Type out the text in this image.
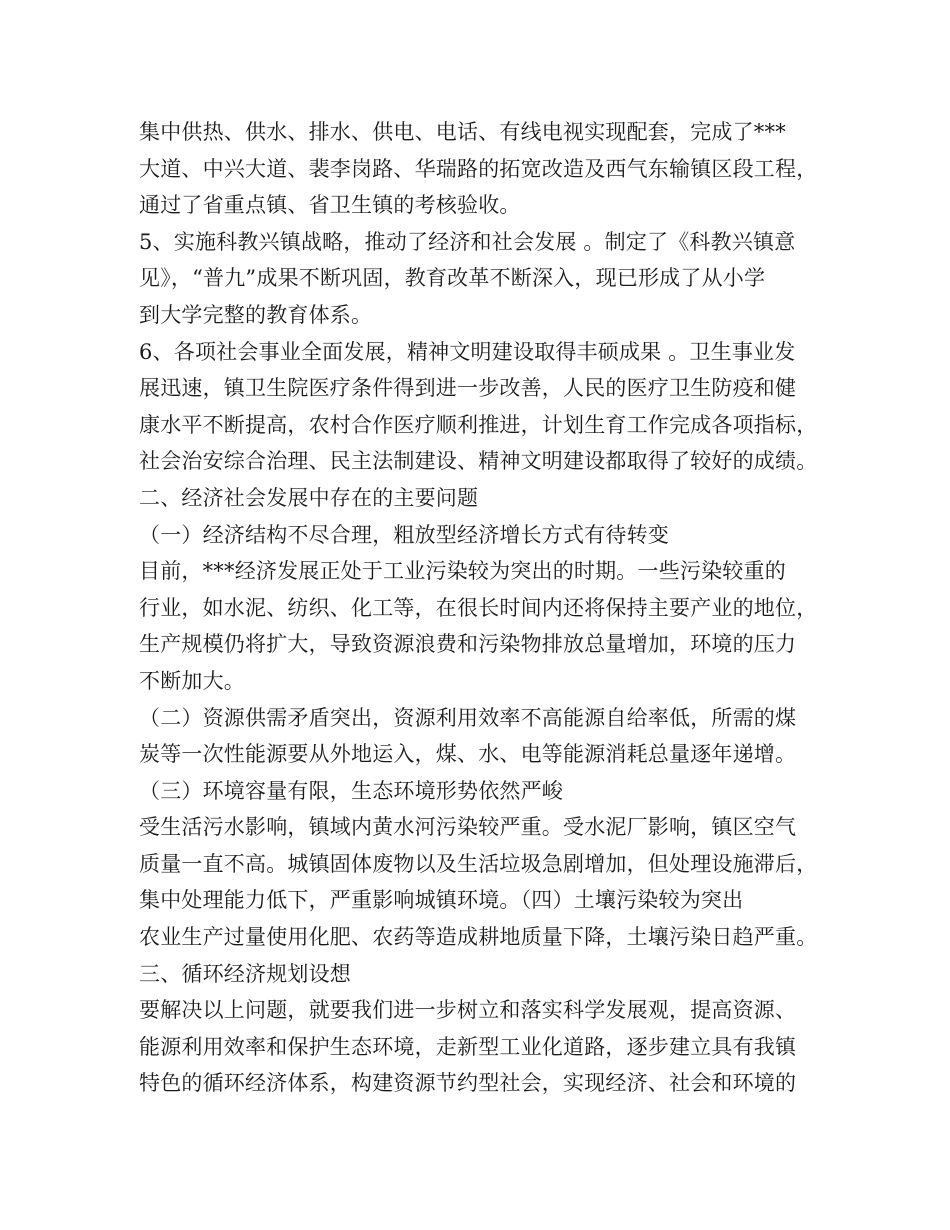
集中供热、供水、排水、供电、电话、有线电视实现配套，完成了***
大道、中兴大道、裴李岗路、华瑞路的拓宽改造及西气东输镇区段工程，
通过了省重点镇、省卫生镇的考核验收。
5、实施科教兴镇战略，推动了经济和社会发展 。制定了《科教兴镇意
见》，“普九”成果不断巩固，教育改革不断深入，现已形成了从小学
到大学完整的教育体系。
6、各项社会事业全面发展，精神文明建设取得丰硕成果 。卫生事业发
展迅速，镇卫生院医疗条件得到进一步改善，人民的医疗卫生防疫和健
康水平不断提高，农村合作医疗顺利推进，计划生育工作完成各项指标，
社会治安综合治理、民主法制建设、精神文明建设都取得了较好的成绩。
二、经济社会发展中存在的主要问题
（一）经济结构不尽合理，粗放型经济增长方式有待转变
目前，***经济发展正处于工业污染较为突出的时期。一些污染较重的
行业，如水泥、纺织、化工等，在很长时间内还将保持主要产业的地位，
生产规模仍将扩大，导致资源浪费和污染物排放总量增加，环境的压力
不断加大。
（二）资源供需矛盾突出，资源利用效率不高能源自给率低，所需的煤
炭等一次性能源要从外地运入，煤、水、电等能源消耗总量逐年递增。
（三）环境容量有限，生态环境形势依然严峻
受生活污水影响，镇域内黄水河污染较严重。受水泥厂影响，镇区空气
质量一直不高。城镇固体废物以及生活垃圾急剧增加，但处理设施滞后，
集中处理能力低下，严重影响城镇环境。（四）土壤污染较为突出
农业生产过量使用化肥、农药等造成耕地质量下降，土壤污染日趋严重。
三、循环经济规划设想
要解决以上问题，就要我们进一步树立和落实科学发展观，提高资源、
能源利用效率和保护生态环境，走新型工业化道路，逐步建立具有我镇
特色的循环经济体系，构建资源节约型社会，实现经济、社会和环境的
